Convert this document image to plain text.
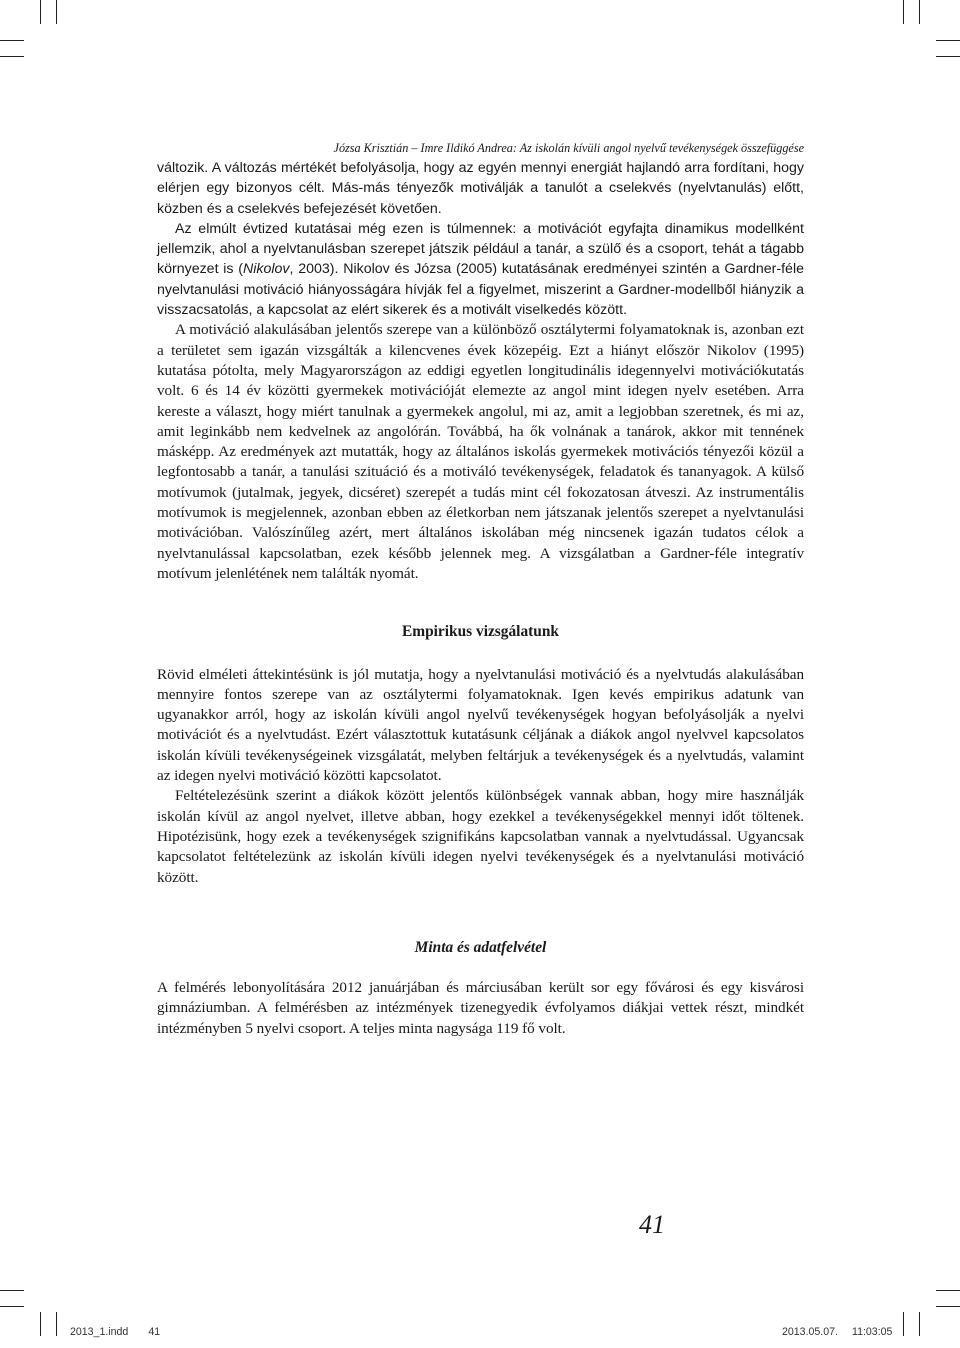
Józsa Krisztián – Imre Ildikó Andrea: Az iskolán kívüli angol nyelvű tevékenységek összefüggése

változik. A változás mértékét befolyásolja, hogy az egyén mennyi energiát hajlandó arra fordítani, hogy elérjen egy bizonyos célt. Más-más tényezők motiválják a tanulót a cselekvés (nyelvtanulás) előtt, közben és a cselekvés befejezését követően.

Az elmúlt évtized kutatásai még ezen is túlmennek: a motivációt egyfajta dinamikus modellként jellemzik, ahol a nyelvtanulásban szerepet játszik például a tanár, a szülő és a csoport, tehát a tágabb környezet is (Nikolov, 2003). Nikolov és Józsa (2005) kutatásának eredményei szintén a Gardner-féle nyelvtanulási motiváció hiányosságára hívják fel a figyelmet, miszerint a Gardner-modellből hiányzik a visszacsatolás, a kapcsolat az elért sikerek és a motivált viselkedés között.

A motiváció alakulásában jelentős szerepe van a különböző osztálytermi folyamatoknak is, azonban ezt a területet sem igazán vizsgálták a kilencvenes évek közepéig. Ezt a hiányt először Nikolov (1995) kutatása pótolta, mely Magyarországon az eddigi egyetlen longitudinális idegennyelvi motivációkutatás volt. 6 és 14 év közötti gyermekek motivációját elemezte az angol mint idegen nyelv esetében. Arra kereste a választ, hogy miért tanulnak a gyermekek angolul, mi az, amit a legjobban szeretnek, és mi az, amit leginkább nem kedvelnek az angolórán. Továbbá, ha ők volnának a tanárok, akkor mit tennének másképp. Az eredmények azt mutatták, hogy az általános iskolás gyermekek motivációs tényezői közül a legfontosabb a tanár, a tanulási szituáció és a motiváló tevékenységek, feladatok és tananyagok. A külső motívumok (jutalmak, jegyek, dicséret) szerepét a tudás mint cél fokozatosan átveszi. Az instrumentális motívumok is megjelennek, azonban ebben az életkorban nem játszanak jelentős szerepet a nyelvtanulási motivációban. Valószínűleg azért, mert általános iskolában még nincsenek igazán tudatos célok a nyelvtanulással kapcsolatban, ezek később jelennek meg. A vizsgálatban a Gardner-féle integratív motívum jelenlétének nem találták nyomát.

Empirikus vizsgálatunk

Rövid elméleti áttekintésünk is jól mutatja, hogy a nyelvtanulási motiváció és a nyelvtudás alakulásában mennyire fontos szerepe van az osztálytermi folyamatoknak. Igen kevés empirikus adatunk van ugyanakkor arról, hogy az iskolán kívüli angol nyelvű tevékenységek hogyan befolyásolják a nyelvi motivációt és a nyelvtudást. Ezért választottuk kutatásunk céljának a diákok angol nyelvvel kapcsolatos iskolán kívüli tevékenységeinek vizsgálatát, melyben feltárjuk a tevékenységek és a nyelvtudás, valamint az idegen nyelvi motiváció közötti kapcsolatot.

Feltételezésünk szerint a diákok között jelentős különbségek vannak abban, hogy mire használják iskolán kívül az angol nyelvet, illetve abban, hogy ezekkel a tevékenységekkel mennyi időt töltenek. Hipotézisünk, hogy ezek a tevékenységek szignifikáns kapcsolatban vannak a nyelvtudással. Ugyancsak kapcsolatot feltételezünk az iskolán kívüli idegen nyelvi tevékenységek és a nyelvtanulási motiváció között.

Minta és adatfelvétel

A felmérés lebonyolítására 2012 januárjában és márciusában került sor egy fővárosi és egy kisvárosi gimnáziumban. A felmérésben az intézmények tizenegyedik évfolyamos diákjai vettek részt, mindkét intézményben 5 nyelvi csoport. A teljes minta nagysága 119 fő volt.

41
2013_1.indd 41	2013.05.07. 11:03:05
